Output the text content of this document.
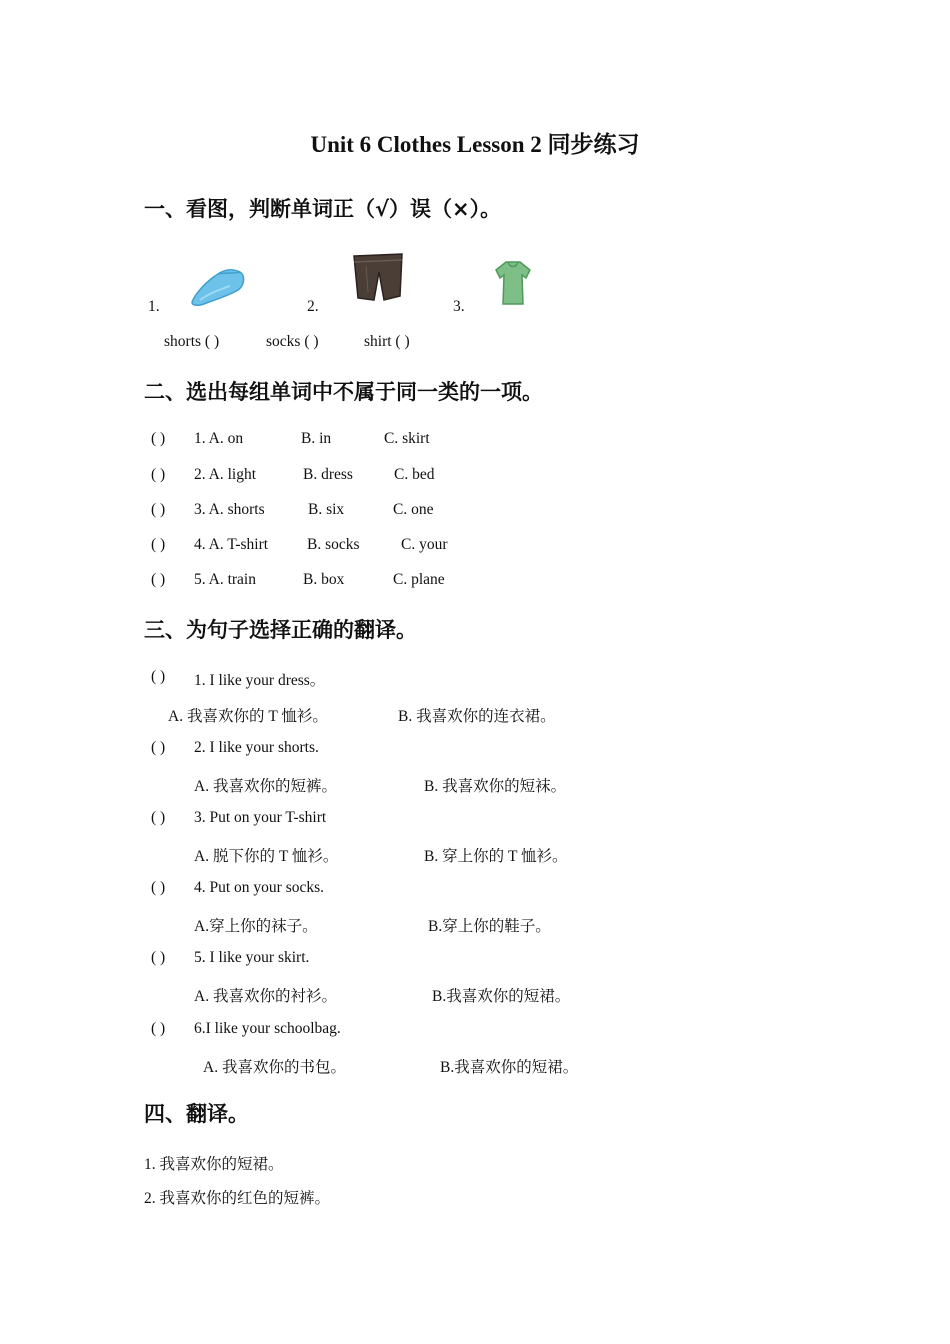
Unit 6 Clothes Lesson 2 同步练习
一、看图，判断单词正（√）误（×）。
1.	2.	3.
shorts ( )	socks ( )	shirt ( )
二、选出每组单词中不属于同一类的一项。
( ) 1. A. on	B. in	C. skirt
( ) 2. A. light	B. dress	C. bed
( ) 3. A. shorts	B. six	C. one
( ) 4. A. T-shirt	B. socks	C. your
( ) 5. A. train	B. box	C. plane
三、为句子选择正确的翻译。
( ) 1. I like your dress。
A. 我喜欢你的 T 恤衫。	B. 我喜欢你的连衣裙。
( ) 2. I like your shorts.
A. 我喜欢你的短裤。	B. 我喜欢你的短袜。
( ) 3. Put on your T-shirt
A. 脱下你的 T 恤衫。	B. 穿上你的 T 恤衫。
( ) 4. Put on your socks.
A.穿上你的袜子。	B.穿上你的鞋子。
( ) 5. I like your skirt.
A. 我喜欢你的衬衫。	B.我喜欢你的短裙。
( ) 6.I like your schoolbag.
A. 我喜欢你的书包。	B.我喜欢你的短裙。
四、翻译。
1. 我喜欢你的短裙。
2. 我喜欢你的红色的短裤。
